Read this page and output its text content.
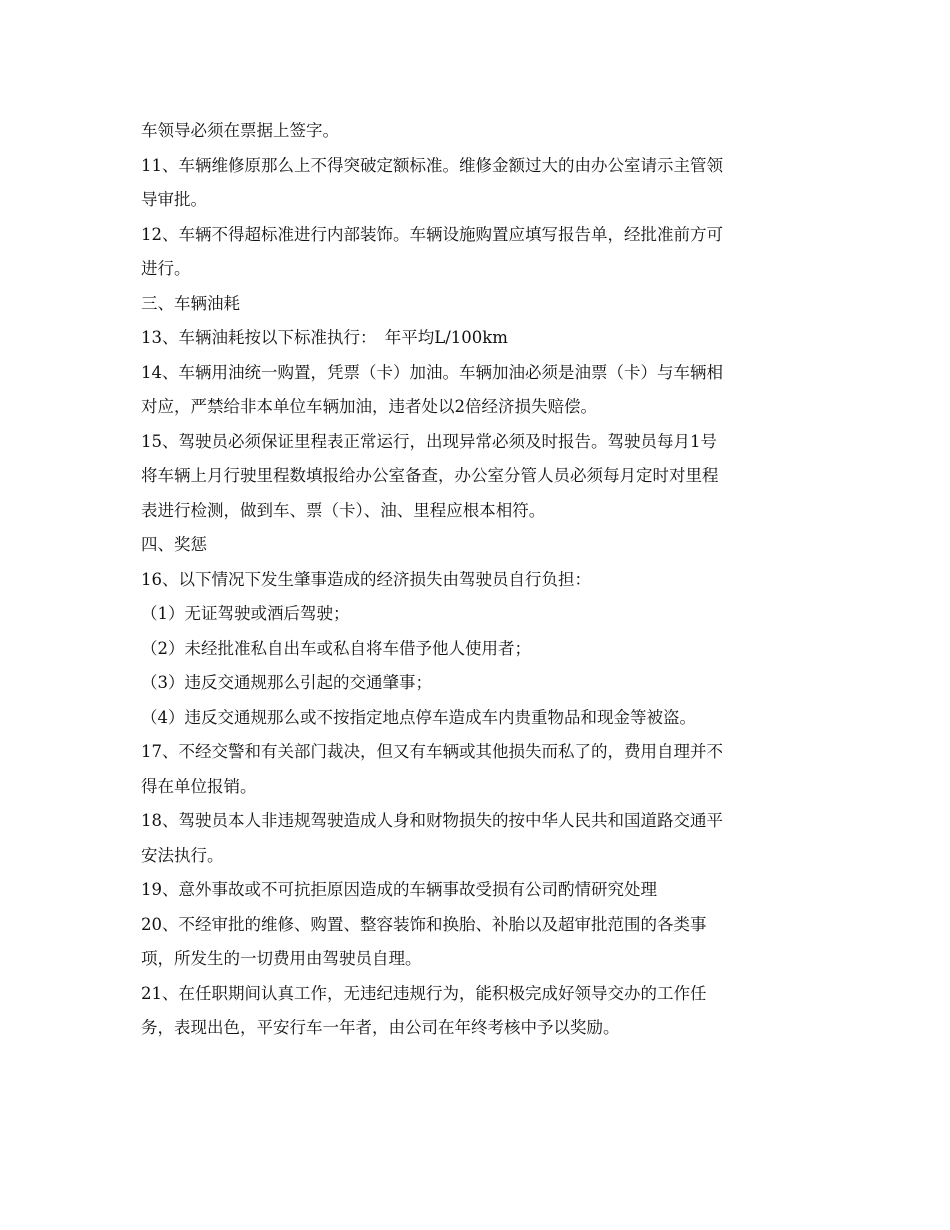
车领导必须在票据上签字。
11、车辆维修原那么上不得突破定额标准。维修金额过大的由办公室请示主管领
导审批。
12、车辆不得超标准进行内部装饰。车辆设施购置应填写报告单，经批准前方可
进行。
三、车辆油耗
13、车辆油耗按以下标准执行：　年平均L/100km
14、车辆用油统一购置，凭票（卡）加油。车辆加油必须是油票（卡）与车辆相
对应，严禁给非本单位车辆加油，违者处以2倍经济损失赔偿。
15、驾驶员必须保证里程表正常运行，出现异常必须及时报告。驾驶员每月1号
将车辆上月行驶里程数填报给办公室备查，办公室分管人员必须每月定时对里程
表进行检测，做到车、票（卡）、油、里程应根本相符。
四、奖惩
16、以下情况下发生肇事造成的经济损失由驾驶员自行负担：
（1）无证驾驶或酒后驾驶；
（2）未经批准私自出车或私自将车借予他人使用者；
（3）违反交通规那么引起的交通肇事；
（4）违反交通规那么或不按指定地点停车造成车内贵重物品和现金等被盗。
17、不经交警和有关部门裁决，但又有车辆或其他损失而私了的，费用自理并不
得在单位报销。
18、驾驶员本人非违规驾驶造成人身和财物损失的按中华人民共和国道路交通平
安法执行。
19、意外事故或不可抗拒原因造成的车辆事故受损有公司酌情研究处理
20、不经审批的维修、购置、整容装饰和换胎、补胎以及超审批范围的各类事
项，所发生的一切费用由驾驶员自理。
21、在任职期间认真工作，无违纪违规行为，能积极完成好领导交办的工作任
务，表现出色，平安行车一年者，由公司在年终考核中予以奖励。
